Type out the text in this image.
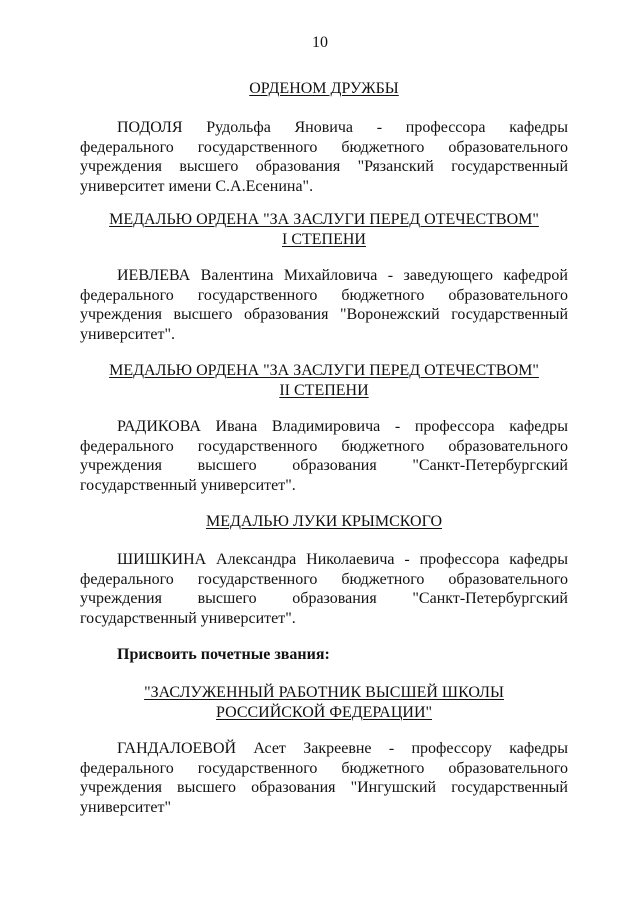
10
ОРДЕНОМ ДРУЖБЫ
ПОДОЛЯ Рудольфа Яновича - профессора кафедры
федерального государственного бюджетного образовательного
учреждения высшего образования "Рязанский государственный
университет имени С.А.Есенина".
МЕДАЛЬЮ ОРДЕНА "ЗА ЗАСЛУГИ ПЕРЕД ОТЕЧЕСТВОМ"
I СТЕПЕНИ
ИЕВЛЕВА Валентина Михайловича - заведующего кафедрой
федерального государственного бюджетного образовательного
учреждения высшего образования "Воронежский государственный
университет".
МЕДАЛЬЮ ОРДЕНА "ЗА ЗАСЛУГИ ПЕРЕД ОТЕЧЕСТВОМ"
II СТЕПЕНИ
РАДИКОВА Ивана Владимировича - профессора кафедры
федерального государственного бюджетного образовательного
учреждения высшего образования "Санкт-Петербургский
государственный университет".
МЕДАЛЬЮ ЛУКИ КРЫМСКОГО
ШИШКИНА Александра Николаевича - профессора кафедры
федерального государственного бюджетного образовательного
учреждения высшего образования "Санкт-Петербургский
государственный университет".
Присвоить почетные звания:
"ЗАСЛУЖЕННЫЙ РАБОТНИК ВЫСШЕЙ ШКОЛЫ
РОССИЙСКОЙ ФЕДЕРАЦИИ"
ГАНДАЛОЕВОЙ Асет Закреевне - профессору кафедры
федерального государственного бюджетного образовательного
учреждения высшего образования "Ингушский государственный
университет"
